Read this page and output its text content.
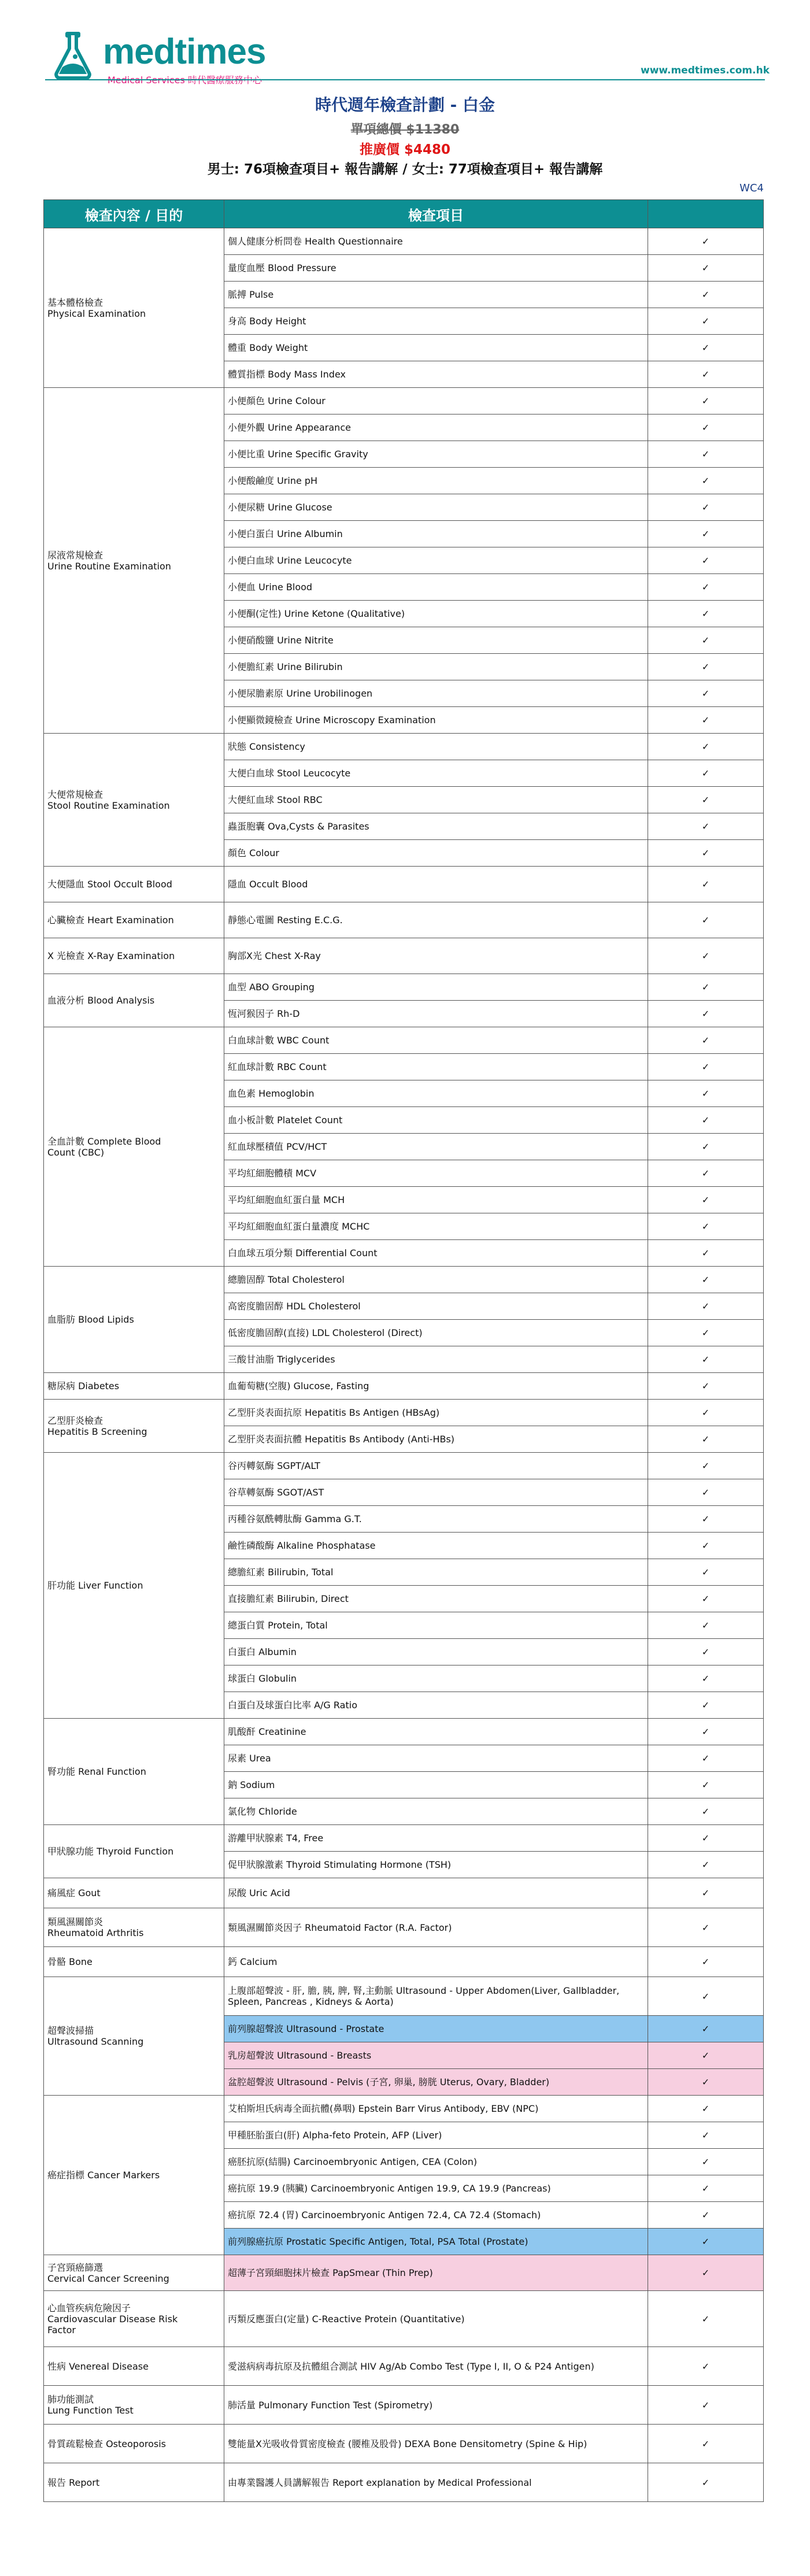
medtimes	www.medtimes.com.hk
時代週年檢查計劃 - 白金
單項總價 $11380
推廣價 $4480
男士: 76項檢查項目+ 報告講解 / 女士: 77項檢查項目+ 報告講解
WC4
檢查內容 / 目的	檢查項目	

基本體格檢查
Physical Examination	個人健康分析問卷 Health Questionnaire	✓
	量度血壓 Blood Pressure	✓
	脈搏 Pulse	✓
	身高 Body Height	✓
	體重 Body Weight	✓
	體質指標 Body Mass Index	✓

尿液常規檢查
Urine Routine Examination	小便顏色 Urine Colour	✓
	小便外觀 Urine Appearance	✓
	小便比重 Urine Specific Gravity	✓
	小便酸鹼度 Urine pH	✓
	小便尿糖 Urine Glucose	✓
	小便白蛋白 Urine Albumin	✓
	小便白血球 Urine Leucocyte	✓
	小便血 Urine Blood	✓
	小便酮(定性) Urine Ketone (Qualitative)	✓
	小便硝酸鹽 Urine Nitrite	✓
	小便膽紅素 Urine Bilirubin	✓
	小便尿膽素原 Urine Urobilinogen	✓
	小便顯微鏡檢查 Urine Microscopy Examination	✓

大便常規檢查
Stool Routine Examination	狀態 Consistency	✓
	大便白血球 Stool Leucocyte	✓
	大便紅血球 Stool RBC	✓
	蟲蛋胞囊 Ova,Cysts & Parasites	✓
	顏色 Colour	✓

大便隱血 Stool Occult Blood	隱血 Occult Blood	✓

心臟檢查 Heart Examination	靜態心電圖 Resting E.C.G.	✓

X 光檢查 X-Ray Examination	胸部X光 Chest X-Ray	✓

血液分析 Blood Analysis	血型 ABO Grouping	✓
	恆河猴因子 Rh-D	✓

全血計數 Complete Blood
Count (CBC)	白血球計數 WBC Count	✓
	紅血球計數 RBC Count	✓
	血色素 Hemoglobin	✓
	血小板計數 Platelet Count	✓
	紅血球壓積值 PCV/HCT	✓
	平均紅細胞體積 MCV	✓
	平均紅細胞血紅蛋白量 MCH	✓
	平均紅細胞血紅蛋白量濃度 MCHC	✓
	白血球五項分類 Differential Count	✓

血脂肪 Blood Lipids	總膽固醇 Total Cholesterol	✓
	高密度膽固醇 HDL Cholesterol	✓
	低密度膽固醇(直接) LDL Cholesterol (Direct)	✓
	三酸甘油脂 Triglycerides	✓

糖尿病 Diabetes	血葡萄糖(空腹) Glucose, Fasting	✓

乙型肝炎檢查
Hepatitis B Screening	乙型肝炎表面抗原 Hepatitis Bs Antigen (HBsAg)	✓
	乙型肝炎表面抗體 Hepatitis Bs Antibody (Anti-HBs)	✓

肝功能 Liver Function	谷丙轉氨酶 SGPT/ALT	✓
	谷草轉氨酶 SGOT/AST	✓
	丙種谷氨酰轉肽酶 Gamma G.T.	✓
	鹼性磷酸酶 Alkaline Phosphatase	✓
	總膽紅素 Bilirubin, Total	✓
	直接膽紅素 Bilirubin, Direct	✓
	總蛋白質 Protein, Total	✓
	白蛋白 Albumin	✓
	球蛋白 Globulin	✓
	白蛋白及球蛋白比率 A/G Ratio	✓

腎功能 Renal Function	肌酸酐 Creatinine	✓
	尿素 Urea	✓
	鈉 Sodium	✓
	氯化物 Chloride	✓

甲狀腺功能 Thyroid Function	游離甲狀腺素 T4, Free	✓
	促甲狀腺激素 Thyroid Stimulating Hormone (TSH)	✓

痛風症 Gout	尿酸 Uric Acid	✓

類風濕關節炎
Rheumatoid Arthritis	類風濕關節炎因子 Rheumatoid Factor (R.A. Factor)	✓

骨骼 Bone	鈣 Calcium	✓

超聲波掃描
Ultrasound Scanning	上腹部超聲波 - 肝, 膽, 胰, 脾, 腎,主動脈 Ultrasound - Upper Abdomen(Liver, Gallbladder, Spleen, Pancreas , Kidneys & Aorta)	✓
	前列腺超聲波 Ultrasound - Prostate	✓
	乳房超聲波 Ultrasound - Breasts	✓
	盆腔超聲波 Ultrasound - Pelvis (子宮, 卵巢, 膀胱 Uterus, Ovary, Bladder)	✓

癌症指標 Cancer Markers	艾柏斯坦氏病毒全面抗體(鼻咽) Epstein Barr Virus Antibody, EBV (NPC)	✓
	甲種胚胎蛋白(肝) Alpha-feto Protein, AFP (Liver)	✓
	癌胚抗原(結腸) Carcinoembryonic Antigen, CEA (Colon)	✓
	癌抗原 19.9 (胰臟) Carcinoembryonic Antigen 19.9, CA 19.9 (Pancreas)	✓
	癌抗原 72.4 (胃) Carcinoembryonic Antigen 72.4, CA 72.4 (Stomach)	✓
	前列腺癌抗原 Prostatic Specific Antigen, Total, PSA Total (Prostate)	✓

子宮頸癌篩選
Cervical Cancer Screening	超薄子宮頸細胞抹片檢查 PapSmear (Thin Prep)	✓

心血管疾病危險因子
Cardiovascular Disease Risk
Factor	丙類反應蛋白(定量) C-Reactive Protein (Quantitative)	✓

性病 Venereal Disease	愛滋病病毒抗原及抗體組合測試 HIV Ag/Ab Combo Test (Type I, II, O & P24 Antigen)	✓

肺功能測試
Lung Function Test	肺活量 Pulmonary Function Test (Spirometry)	✓

骨質疏鬆檢查 Osteoporosis	雙能量X光吸收骨質密度檢查 (腰椎及股骨) DEXA Bone Densitometry (Spine & Hip)	✓

報告 Report	由專業醫護人員講解報告 Report explanation by Medical Professional	✓
